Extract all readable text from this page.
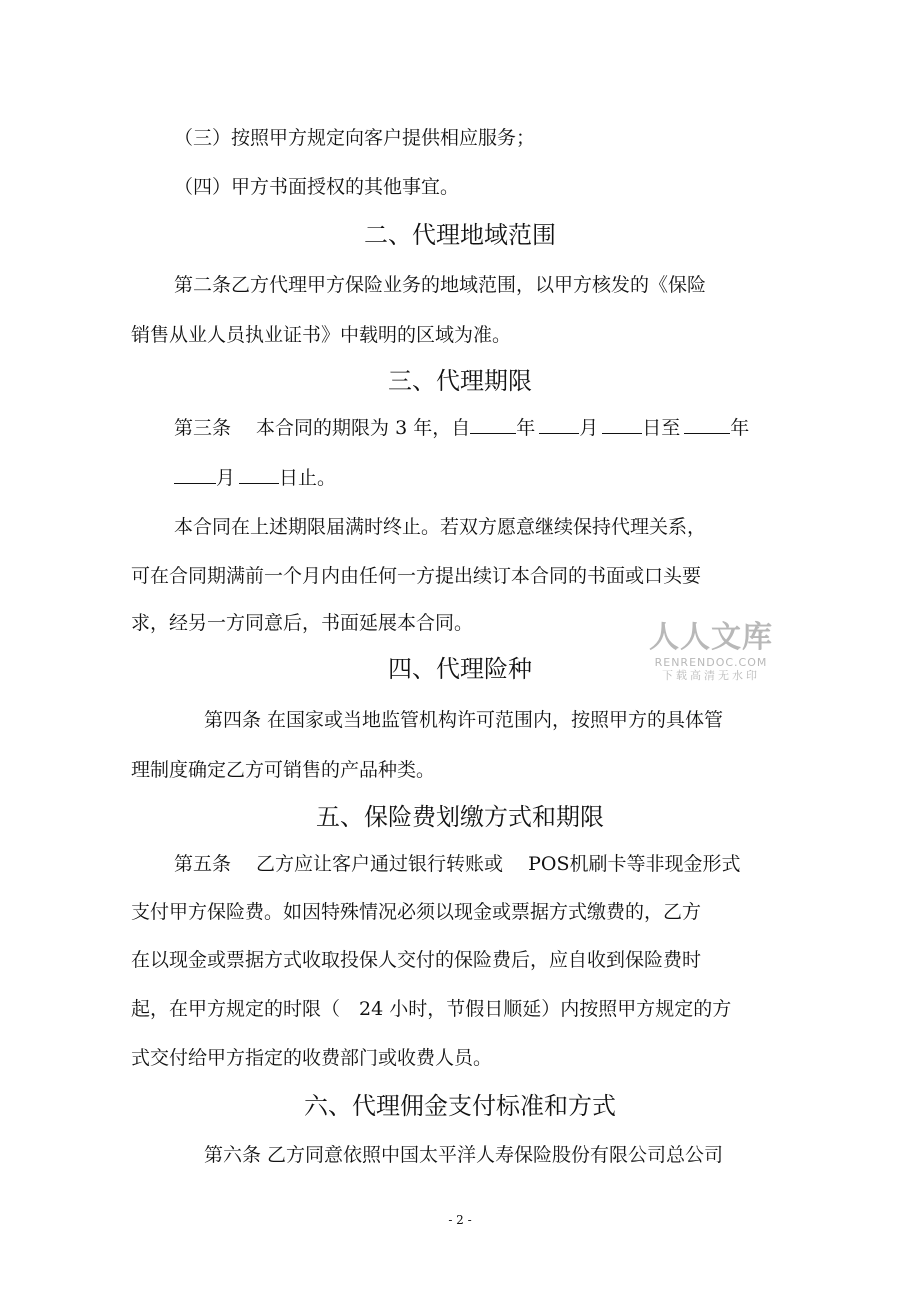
（三）按照甲方规定向客户提供相应服务；
（四）甲方书面授权的其他事宜。
二、代理地域范围
第二条乙方代理甲方保险业务的地域范围，以甲方核发的《保险
销售从业人员执业证书》中载明的区域为准。
三、代理期限
第三条　 本合同的期限为 3 年，自 年 月 日至	年
月 日止。
本合同在上述期限届满时终止。若双方愿意继续保持代理关系，
可在合同期满前一个月内由任何一方提出续订本合同的书面或口头要
求，经另一方同意后，书面延展本合同。	人人文库
RENRENDOC.COM
下载高清无水印
四、代理险种
第四条 在国家或当地监管机构许可范围内，按照甲方的具体管
理制度确定乙方可销售的产品种类。
五、保险费划缴方式和期限
第五条　 乙方应让客户通过银行转账或　 POS机刷卡等非现金形式
支付甲方保险费。如因特殊情况必须以现金或票据方式缴费的，乙方
在以现金或票据方式收取投保人交付的保险费后，应自收到保险费时
起，在甲方规定的时限（　24 小时，节假日顺延）内按照甲方规定的方
式交付给甲方指定的收费部门或收费人员。
六、代理佣金支付标准和方式
第六条 乙方同意依照中国太平洋人寿保险股份有限公司总公司
- 2 -
